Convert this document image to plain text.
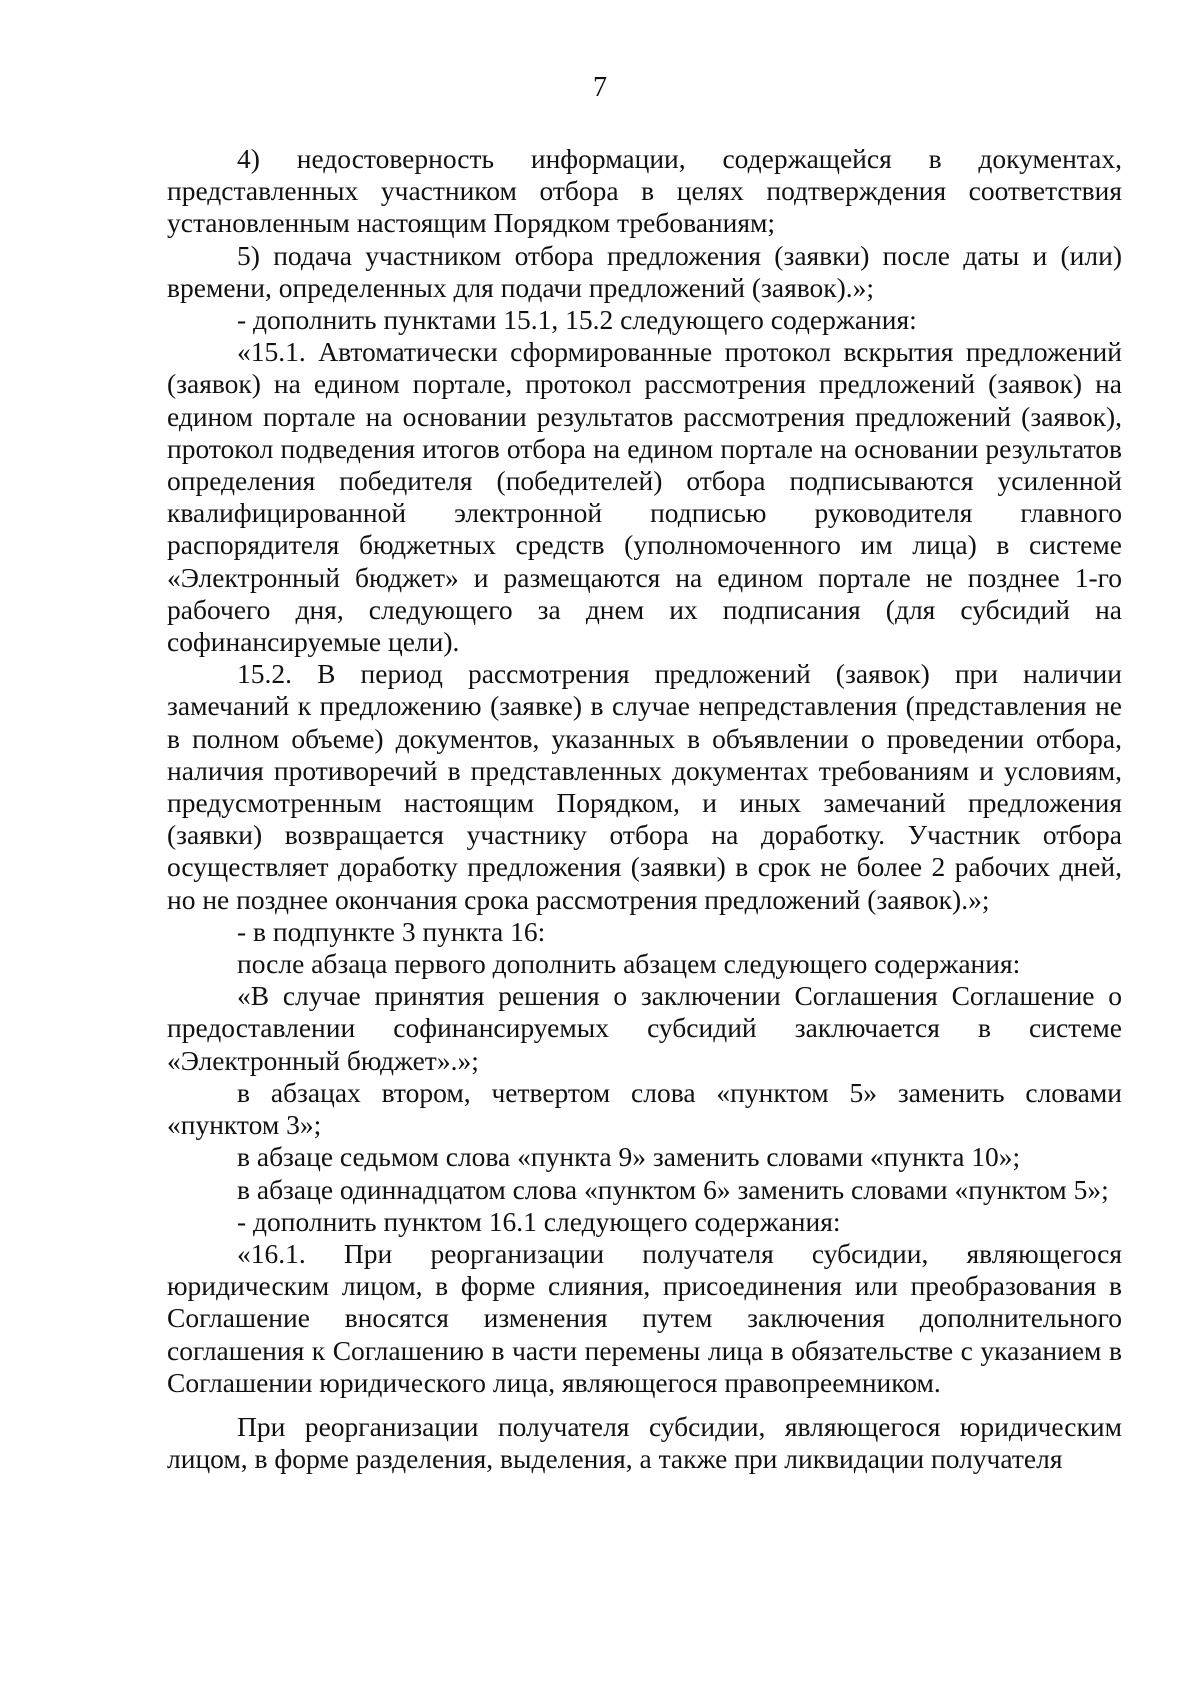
7

4) недостоверность информации, содержащейся в документах, представленных участником отбора в целях подтверждения соответствия установленным настоящим Порядком требованиям;

5) подача участником отбора предложения (заявки) после даты и (или) времени, определенных для подачи предложений (заявок).»;

- дополнить пунктами 15.1, 15.2 следующего содержания:

«15.1. Автоматически сформированные протокол вскрытия предложений (заявок) на едином портале, протокол рассмотрения предложений (заявок) на едином портале на основании результатов рассмотрения предложений (заявок), протокол подведения итогов отбора на едином портале на основании результатов определения победителя (победителей) отбора подписываются усиленной квалифицированной электронной подписью руководителя главного распорядителя бюджетных средств (уполномоченного им лица) в системе «Электронный бюджет» и размещаются на едином портале не позднее 1-го рабочего дня, следующего за днем их подписания (для субсидий на софинансируемые цели).

15.2. В период рассмотрения предложений (заявок) при наличии замечаний к предложению (заявке) в случае непредставления (представления не в полном объеме) документов, указанных в объявлении о проведении отбора, наличия противоречий в представленных документах требованиям и условиям, предусмотренным настоящим Порядком, и иных замечаний предложения (заявки) возвращается участнику отбора на доработку. Участник отбора осуществляет доработку предложения (заявки) в срок не более 2 рабочих дней, но не позднее окончания срока рассмотрения предложений (заявок).»;

- в подпункте 3 пункта 16:

после абзаца первого дополнить абзацем следующего содержания:

«В случае принятия решения о заключении Соглашения Соглашение о предоставлении софинансируемых субсидий заключается в системе «Электронный бюджет».»;

в абзацах втором, четвертом слова «пунктом 5» заменить словами «пунктом 3»;

в абзаце седьмом слова «пункта 9» заменить словами «пункта 10»;

в абзаце одиннадцатом слова «пунктом 6» заменить словами «пунктом 5»;

- дополнить пунктом 16.1 следующего содержания:

«16.1. При реорганизации получателя субсидии, являющегося юридическим лицом, в форме слияния, присоединения или преобразования в Соглашение вносятся изменения путем заключения дополнительного соглашения к Соглашению в части перемены лица в обязательстве с указанием в Соглашении юридического лица, являющегося правопреемником.

При реорганизации получателя субсидии, являющегося юридическим лицом, в форме разделения, выделения, а также при ликвидации получателя
